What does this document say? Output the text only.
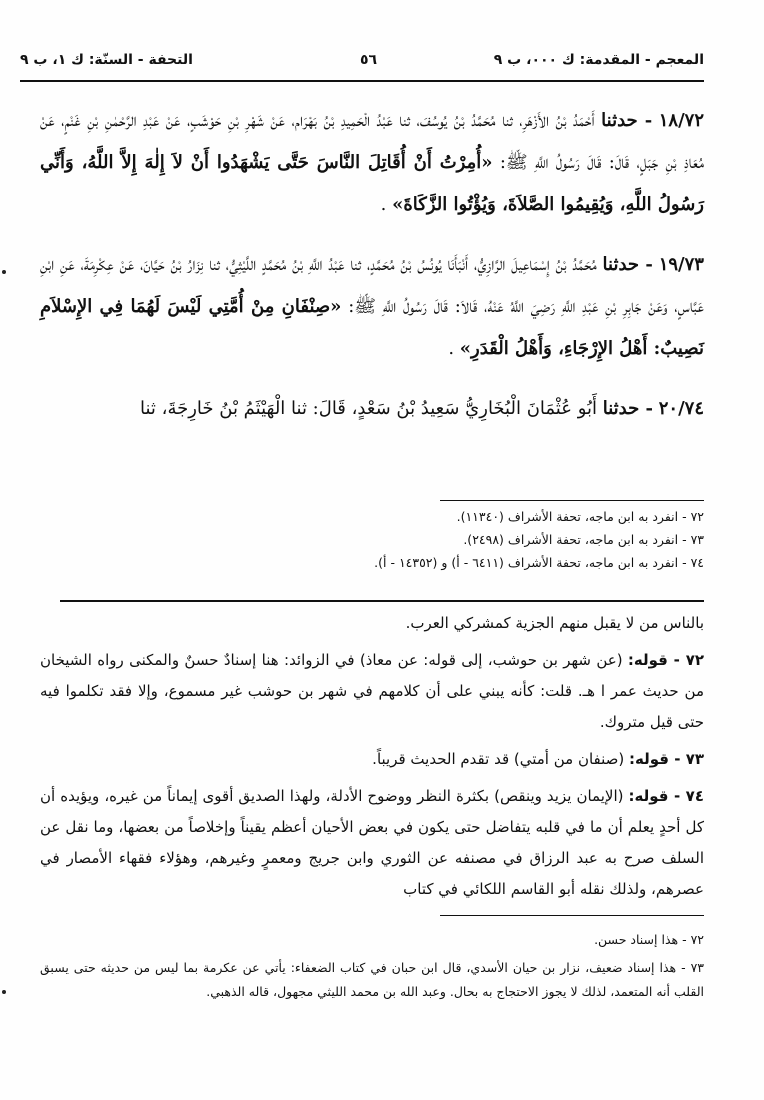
المعجم - المقدمة: ك ٠٠٠، ب ٩
٥٦
التحفة - السنّة: ك ١، ب ٩

١٨/٧٢ - حدثنا أَحْمَدُ بْنُ الأَزْهَرِ، ثنا مُحَمَّدُ بْنُ يُوسُفَ، ثنا عَبْدُ الْحَمِيدِ بْنُ بَهْرَام، عَنْ شَهْرِ بْنِ حَوْشَبٍ، عَنْ عَبْدِ الرَّحْمٰنِ بْنِ غَنْمٍ، عَنْ مُعَاذِ بْنِ جَبَلٍ، قَالَ: قَالَ رَسُولُ اللَّهِ ﷺ: «أُمِرْتُ أَنْ أُقَاتِلَ النَّاسَ حَتَّى يَشْهَدُوا أَنْ لاَ إِلٰهَ إِلاَّ اللَّهُ، وَأَنِّي رَسُولُ اللَّهِ، وَيُقِيمُوا الصَّلاَةَ، وَيُؤْتُوا الزَّكَاةَ» .

١٩/٧٣ - حدثنا مُحَمَّدُ بْنُ إِسْمَاعِيلَ الرَّازِيُّ، أَنْبَأَنَا يُونُسُ بْنُ مُحَمَّدٍ، ثنا عَبْدُ اللَّهِ بْنُ مُحَمَّدٍ اللَّيْثِيُّ، ثنا نِزَارُ بْنُ حَيَّانَ، عَنْ عِكْرِمَةَ، عَنِ ابْنِ عَبَّاسٍ، وَعَنْ جَابِرِ بْنِ عَبْدِ اللَّهِ رَضِيَ اللَّهُ عَنْهُ، قَالاَ: قَالَ رَسُولُ اللَّهِ ﷺ: «صِنْفَانِ مِنْ أُمَّتِي لَيْسَ لَهُمَا فِي الإِسْلاَمِ نَصِيبٌ: أَهْلُ الإِرْجَاءِ، وَأَهْلُ الْقَدَرِ» .

٢٠/٧٤ - حدثنا أَبُو عُثْمَانَ الْبُخَارِيُّ سَعِيدُ بْنُ سَعْدٍ، قَالَ: ثنا الْهَيْثَمُ بْنُ خَارِجَةَ، ثنا

٧٢ - انفرد به ابن ماجه، تحفة الأشراف (١١٣٤٠).

٧٣ - انفرد به ابن ماجه، تحفة الأشراف (٢٤٩٨).

٧٤ - انفرد به ابن ماجه، تحفة الأشراف (٦٤١١ - أ) و (١٤٣٥٢ - أ).

بالناس من لا يقبل منهم الجزية كمشركي العرب.

٧٢ - قوله: (عن شهر بن حوشب، إلى قوله: عن معاذ) في الزوائد: هنا إسنادٌ حسنٌ والمكنى رواه الشيخان من حديث عمر ا هـ. قلت: كأنه يبني على أن كلامهم في شهر بن حوشب غير مسموع، وإلا فقد تكلموا فيه حتى قيل متروك.

٧٣ - قوله: (صنفان من أمتي) قد تقدم الحديث قريباً.

٧٤ - قوله: (الإيمان يزيد وينقص) بكثرة النظر ووضوح الأدلة، ولهذا الصديق أقوى إيماناً من غيره، ويؤيده أن كل أحدٍ يعلم أن ما في قلبه يتفاضل حتى يكون في بعض الأحيان أعظم يقيناً وإخلاصاً من بعضها، وما نقل عن السلف صرح به عبد الرزاق في مصنفه عن الثوري وابن جريج ومعمرٍ وغيرهم، وهؤلاء فقهاء الأمصار في عصرهم، ولذلك نقله أبو القاسم اللكائي في كتاب

٧٢ - هذا إسناد حسن.

٧٣ - هذا إسناد ضعيف، نزار بن حيان الأسدي، قال ابن حبان في كتاب الضعفاء: يأتي عن عكرمة بما ليس من حديثه حتى يسبق القلب أنه المتعمد، لذلك لا يجوز الاحتجاج به بحال. وعبد الله بن محمد الليثي مجهول، قاله الذهبي.
